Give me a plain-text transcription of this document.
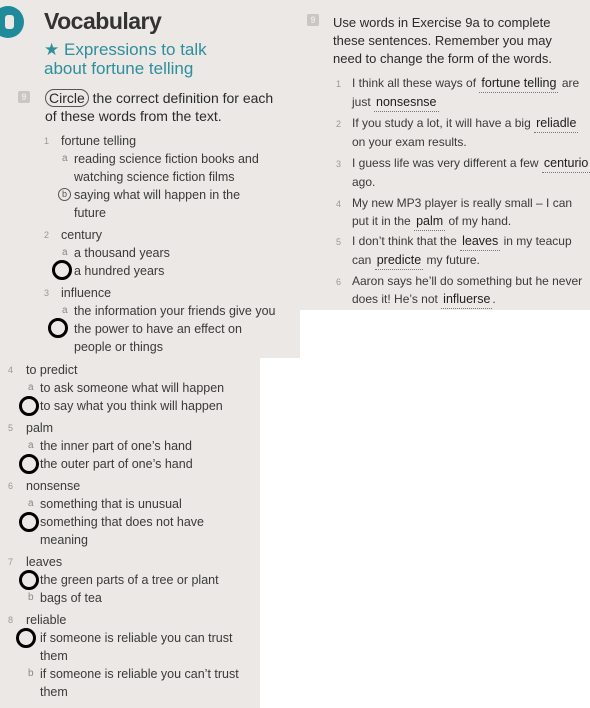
Vocabulary
★ Expressions to talk about fortune telling
9 Circle the correct definition for each of these words from the text.
1 fortune telling
a reading science fiction books and watching science fiction films
b saying what will happen in the future
2 century
a a thousand years
a hundred years
3 influence
a the information your friends give you
the power to have an effect on people or things
9 Use words in Exercise 9a to complete these sentences. Remember you may need to change the form of the words.
1 I think all these ways of fortune telling are just nonsesnse
2 If you study a lot, it will have a big reliadle on your exam results.
3 I guess life was very different a few centurio ago.
4 My new MP3 player is really small – I can put it in the palm of my hand.
5 I don’t think that the leaves in my teacup can predicte my future.
6 Aaron says he’ll do something but he never does it! He’s not influerse .
4 to predict
a to ask someone what will happen
to say what you think will happen
5 palm
a the inner part of one’s hand
the outer part of one’s hand
6 nonsense
a something that is unusual
something that does not have meaning
7 leaves
the green parts of a tree or plant
b bags of tea
8 reliable
if someone is reliable you can trust them
b if someone is reliable you can’t trust them
